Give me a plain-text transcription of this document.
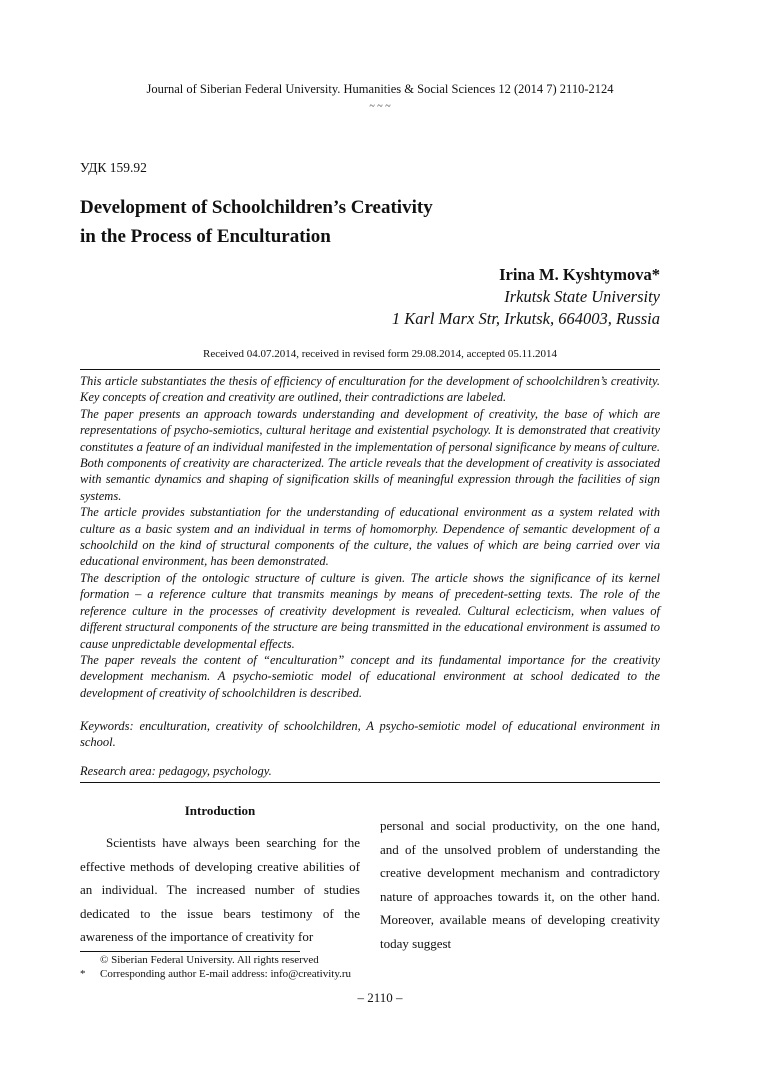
Journal of Siberian Federal University. Humanities & Social Sciences 12 (2014 7) 2110-2124
~ ~ ~
УДК 159.92
Development of Schoolchildren’s Creativity
in the Process of Enculturation
Irina M. Kyshtymova*
Irkutsk State University
1 Karl Marx Str, Irkutsk, 664003, Russia
Received 04.07.2014, received in revised form 29.08.2014, accepted 05.11.2014

This article substantiates the thesis of efficiency of enculturation for the development of schoolchildren’s creativity. Key concepts of creation and creativity are outlined, their contradictions are labeled.

The paper presents an approach towards understanding and development of creativity, the base of which are representations of psycho-semiotics, cultural heritage and existential psychology. It is demonstrated that creativity constitutes a feature of an individual manifested in the implementation of personal significance by means of culture. Both components of creativity are characterized. The article reveals that the development of creativity is associated with semantic dynamics and shaping of signification skills of meaningful expression through the facilities of sign systems.

The article provides substantiation for the understanding of educational environment as a system related with culture as a basic system and an individual in terms of homomorphy. Dependence of semantic development of a schoolchild on the kind of structural components of the culture, the values of which are being carried over via educational environment, has been demonstrated.

The description of the ontologic structure of culture is given. The article shows the significance of its kernel formation – a reference culture that transmits meanings by means of precedent-setting texts. The role of the reference culture in the processes of creativity development is revealed. Cultural eclecticism, when values of different structural components of the structure are being transmitted in the educational environment is assumed to cause unpredictable developmental effects.

The paper reveals the content of “enculturation” concept and its fundamental importance for the creativity development mechanism. A psycho-semiotic model of educational environment at school dedicated to the development of creativity of schoolchildren is described.

Keywords: enculturation, creativity of schoolchildren, A psycho-semiotic model of educational environment in school.
Research area: pedagogy, psychology.
Introduction

Scientists have always been searching for the effective methods of developing creative abilities of an individual. The increased number of studies dedicated to the issue bears testimony of the awareness of the importance of creativity for

personal and social productivity, on the one hand, and of the unsolved problem of understanding the creative development mechanism and contradictory nature of approaches towards it, on the other hand. Moreover, available means of developing creativity today suggest

© Siberian Federal University. All rights reserved
* Corresponding author E-mail address: info@creativity.ru
– 2110 –
